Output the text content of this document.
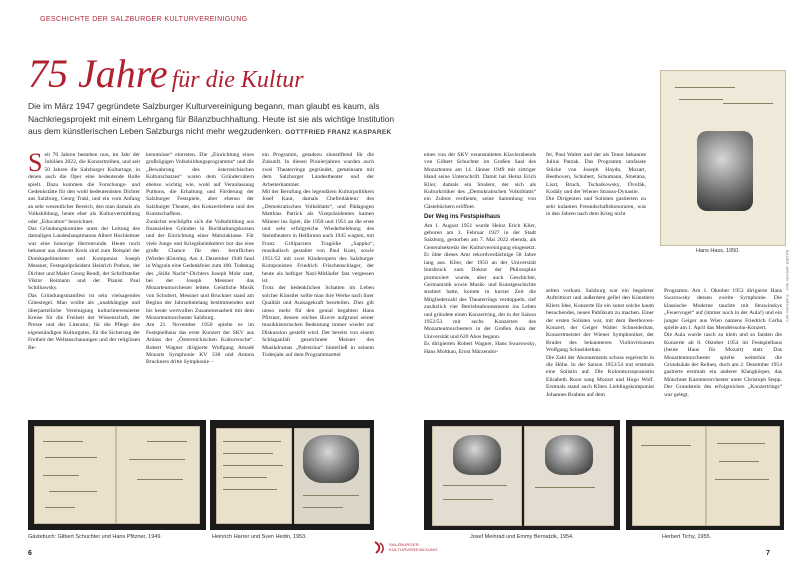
GESCHICHTE DER SALZBURGER KULTURVEREINIGUNG
75 Jahre für die Kultur
Die im März 1947 gegründete Salzburger Kulturvereinigung begann, man glaubt es kaum, als Nachkriegsprojekt mit einem Lehrgang für Bilanzbuchhaltung. Heute ist sie als wichtige Institution aus dem künstlerischen Leben Salzburgs nicht mehr wegzudenken. GOTTFRIED FRANZ KASPAREK
S eit 70 Jahren bestehen nun, im Jahr der Jubiläen 2022, die Konzertreihen, und seit 50 Jahren die Salzburger Kulturtage, in denen auch die Oper eine bedeutende Rolle spielt. Dazu kommen die Forschungs- und Gedenkstätte für den wohl bedeutendsten Dichter aus Salzburg, Georg Trakl, und ein vom Anfang an sehr wesentlicher Bereich, den man damals als Volksbildung, heute eher als Kulturvermittlung oder „Education“ bezeichnet.

Das Gründungskomitee unter der Leitung des damaligen Landeshauptmanns Albert Hochleitner war eine honorige Herrenrunde. Heute noch bekannt aus diesem Kreis sind zum Beispiel der Domkapellmeister und Komponist Joseph Messner, Festspielpräsident Heinrich Puthon, der Dichter und Maler Georg Rendl, der Schriftsteller Viktor Reimann und der Pianist Paul Schilhawsky.

Das Gründungsmanifest ist sein vielsagendes Gütesiegel. Man wollte als „unabhängige und überparteiliche Vereinigung kulturinteressierter Kreise für die Freiheit der Wissenschaft, der Presse und der Literatur, für die Pflege des eigenständigen Kulturgutes, für die Sicherung der Freiheit der Weltanschauungen und der religiösen Be-

kenntnisse“ eintreten. Die „Einrichtung eines großzügigen Volksbildungsprogramms“ und die „Bewahrung des österreichischen Kulturschatzes“ waren dem Gründervätern ebenso wichtig wie, wohl auf Veranlassung Puthons, die Erhaltung und Förderung der Salzburger Festspiele, aber ebenso der Salzburger Theater, des Konzertlebens und des Kunstschaffens.

Zunächst erschöpfte sich die Volksbildung aus finanziellen Gründen in Buchhaltungskursen und der Einrichtung einer Maturaklasse. Für viele Junge und Kriegsheimkehrer bot das eine große Chance für den beruflichen (Wieder-)Einstieg. Am 4. Dezember 1948 fand in Wagrain eine Gedenkfeier zum 100. Todestag des „Stille Nacht“-Dichters Joseph Mohr statt, bei der Joseph Messner das Mozarteumorchester leitete. Geistliche Musik von Schubert, Messner und Bruckner stand am Beginn der Jahrzehntelang bestimmenden und bis heute wertvollen Zusammenarbeit mit dem Mozarteumorchester Salzburg.

Am 21. November 1950 spielte es im Festspielhaus das erste Konzert der SKV aus Anlass der „Österreichischen Kulturwoche“. Robert Wagner dirigierte Wolfgang Amadé Mozarts Symphonie KV 338 und Antons Bruckners dritte Symphonie –

ein Programm, getadezu sinnstiftend für die Zukunft. In diesen Pionierjahren wurden auch zwei Theaterringe gegründet, gemeinsam mit dem Salzburger Landestheater und der Arbeiterkammer.

Mit der Berufung des legendären Kulturpolitikers Josef Kaut, damals Chefredakteur des „Demokratischen Volksblatts“, und Pädagogen Matthias Partick als Vizepräsidenten kamen Männer ins Spiel, die 1950 und 1951 an die erste und sehr erfolgreiche Wiederbelebung des Steintheaters in Hellbrunn nach 1945 wagten, mit Franz Grillparzers Tragödie „Sappho“, musikalisch gestaltet von Paul Kont, sowie 1951/52 mit zwei Kinderopern des Salzburger Komponisten Friedrich Frischenschlager, der heute als heftiger Nazi-Mitläufer fast vergessen ist.

Trotz der bedenklichen Schatten im Leben solcher Künstler sollte man ihre Werke nach ihrer Qualität und Aussagekraft beurteilen. Dies gilt umso mehr für den genial begabten Hans Pfitzner, dessen reiches Œuvre aufgrund seiner musikhistorischen Bedeutung immer wieder zur Diskussion gestellt wird. Der bereits von einem Schlaganfall gezeichnete Meister des Musikdramas „Palestrina“ hinterließ in seinem Todesjahr auf dem Programmzettel

Gästebuch: Gilbert Schuchter und Hans Pfitzner, 1949.	Heinrich Harrer und Sven Hedin, 1953.
6

eines von der SKV veranstalteten Klavierabends von Gilbert Schuchter im Großen Saal des Mozarteums am 14. Jänner 1949 mit zittriger Hand seine Unterschrift. Damit hat Heinz Erich Klier, damals ein Student, der sich als Kulturkritiker des „Demokratischen Volksblatts“ ein Zubrot verdiente, seine Sammlung von Gästebüchern eröffnet.

Der Weg ins Festspielhaus

Am 1. August 1951 wurde Heinz Erich Klier, geboren am 3. Februar 1927 in der Stadt Salzburg, gestorben am 7. Mai 2022 ebenda, als Generalsekretär der Kulturvereinigung eingesetzt. Er übte dieses Amt rekordverdächtige 58 Jahre lang aus. Klier, der 1950 an der Universität Innsbruck zum Doktor der Philosophie promoviert wurde, aber auch Geschichte, Germanistik sowie Musik- und Kunstgeschichte studiert hatte, konnte in kurzer Zeit die Mitgliederzahl des Theaterrings verdoppeln, rief zusätzlich vier Betriebsabonnements ins Leben und gründete einen Konzertring, der in der Saison 1952/53 mit sechs Konzerten des Mozarteumorchesters in der Großen Aula der Universität und 620 Abos begann.

Es dirigierten Robert Wagner, Hans Swarowsky, Hans Moltkau, Ernst Märzendor-

fer, Paul Walter und der als Tenor bekannte Julius Patzak. Das Programm umfasste Stücke von Joseph Haydn, Mozart, Beethoven, Schubert, Schumann, Smetana, Liszt, Bruch, Tschaikowsky, Dvořák, Kodály und der Wiener Strauss-Dynastie.

Die Dirigenten und Solisten gastierten zu sehr kulanten Freundschaftshonoraren, was in den Jahren nach dem Krieg nicht

selten vorkam. Salzburg war ein begehrter Auftrittsort und außerdem gefiel den Künstlern Kliers Idee, Konzerte für ein sonst solche kaum besuchendes, neues Publikum zu machen. Einer der ersten Solisten war, mit dem Beethoven-Konzert, der Geiger Walter Schneiderhan, Konzertmeister der Wiener Symphoniker, der Bruder des bekannteren Violinvirtuosen Wolfgang Schneiderhan.

Die Zahl der Abonnements schoss regelrecht in die Höhe. In der Saison 1953/54 trat erstmals eine Solistin auf. Die Koloratursopranistin Elisabeth Roon sang Mozart und Hugo Wolf. Erstmals stand auch Kliers Lieblingskomponist Johannes Brahms auf dem

Programm. Am 1. Oktober 1953 dirigierte Hans Swarowsky dessen zweite Symphonie. Die klassische Moderne tauchte mit Strawinskys „Feuervogel“ auf (immer noch in der Aula!) und ein junger Geiger aus Wien namens Friedrich Cerha spielte am 1. April das Mendelssohn-Konzert.

Die Aula wurde rasch zu klein und so fanden die Konzerte ab 8. Oktober 1954 im Festspielhaus (heute Haus für Mozart) statt. Das Mozarteumorchester spielte weiterhin die Grundsäule der Reihen, doch am 2. Dezember 1954 gastierte erstmals ein anderer Klangkörper, das Münchner Kammerorchester unter Christoph Stepp. Der Grundstein des erfolgreichen „Konzertrings“ war gelegt.

Hans Hass, 1950.
Josef Meinrad und Emmy Bernatzik, 1954.	Herbert Tichy, 1955.
BILDER: ARCHIV SKV · © ARCHIV SKV
SALZBURGER
KULTURVEREINIGUNG
7
